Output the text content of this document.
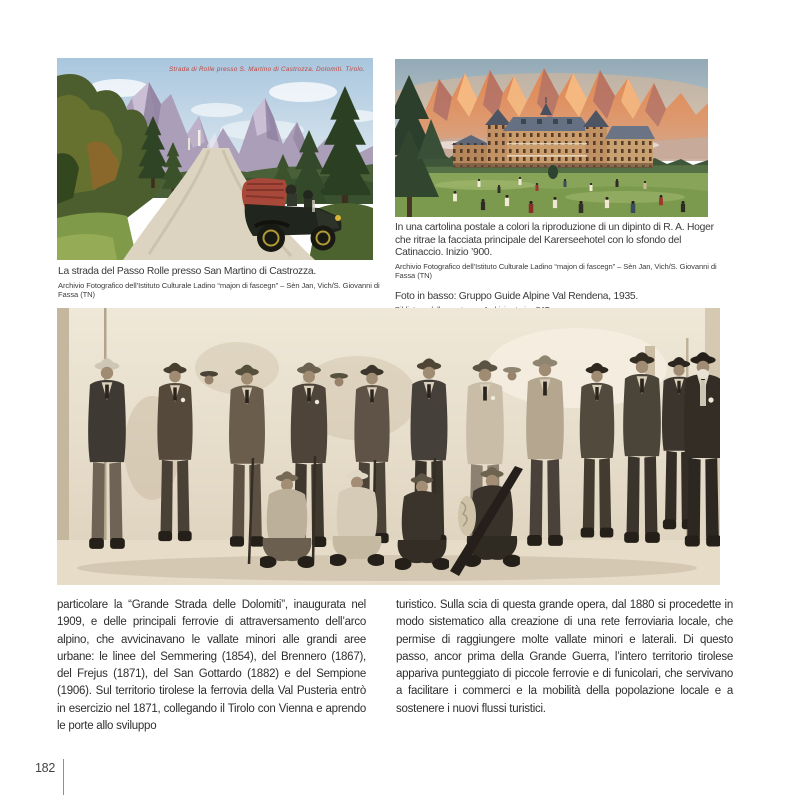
Strada di Rolle presso S. Martino di Castrozza. Dolomiti. Tirolo.

La strada del Passo Rolle presso San Martino di Castrozza.

Archivio Fotografico dell’Istituto Culturale Ladino “majon di fascegn” – Sèn Jan, Vich/S. Giovanni di Fassa (TN)

In una cartolina postale a colori la riproduzione di un dipinto di R. A. Hoger che ritrae la facciata principale del Karerseehotel con lo sfondo del Catinaccio. Inizio ’900.

Archivio Fotografico dell’Istituto Culturale Ladino “majon di fascegn” – Sèn Jan, Vich/S. Giovanni di Fassa (TN)

Foto in basso: Gruppo Guide Alpine Val Rendena, 1935.

particolare la “Grande Strada delle Dolomiti”, inaugurata nel 1909, e delle principali ferrovie di attraversamento dell’arco alpino, che avvicinavano le vallate minori alle grandi aree urbane: le linee del Semmering (1854), del Brennero (1867), del Frejus (1871), del San Gottardo (1882) e del Sempione (1906). Sul territorio tirolese la ferrovia della Val Pusteria entrò in esercizio nel 1871, collegando il Tirolo con Vienna e aprendo le porte allo sviluppo

turistico. Sulla scia di questa grande opera, dal 1880 si procedette in modo sistematico alla creazione di una rete ferroviaria locale, che permise di raggiungere molte vallate minori e laterali. Di questo passo, ancor prima della Grande Guerra, l’intero territorio tirolese appariva punteggiato di piccole ferrovie e di funicolari, che servivano a facilitare i commerci e la mobilità della popolazione locale e a sostenere i nuovi flussi turistici.

182
